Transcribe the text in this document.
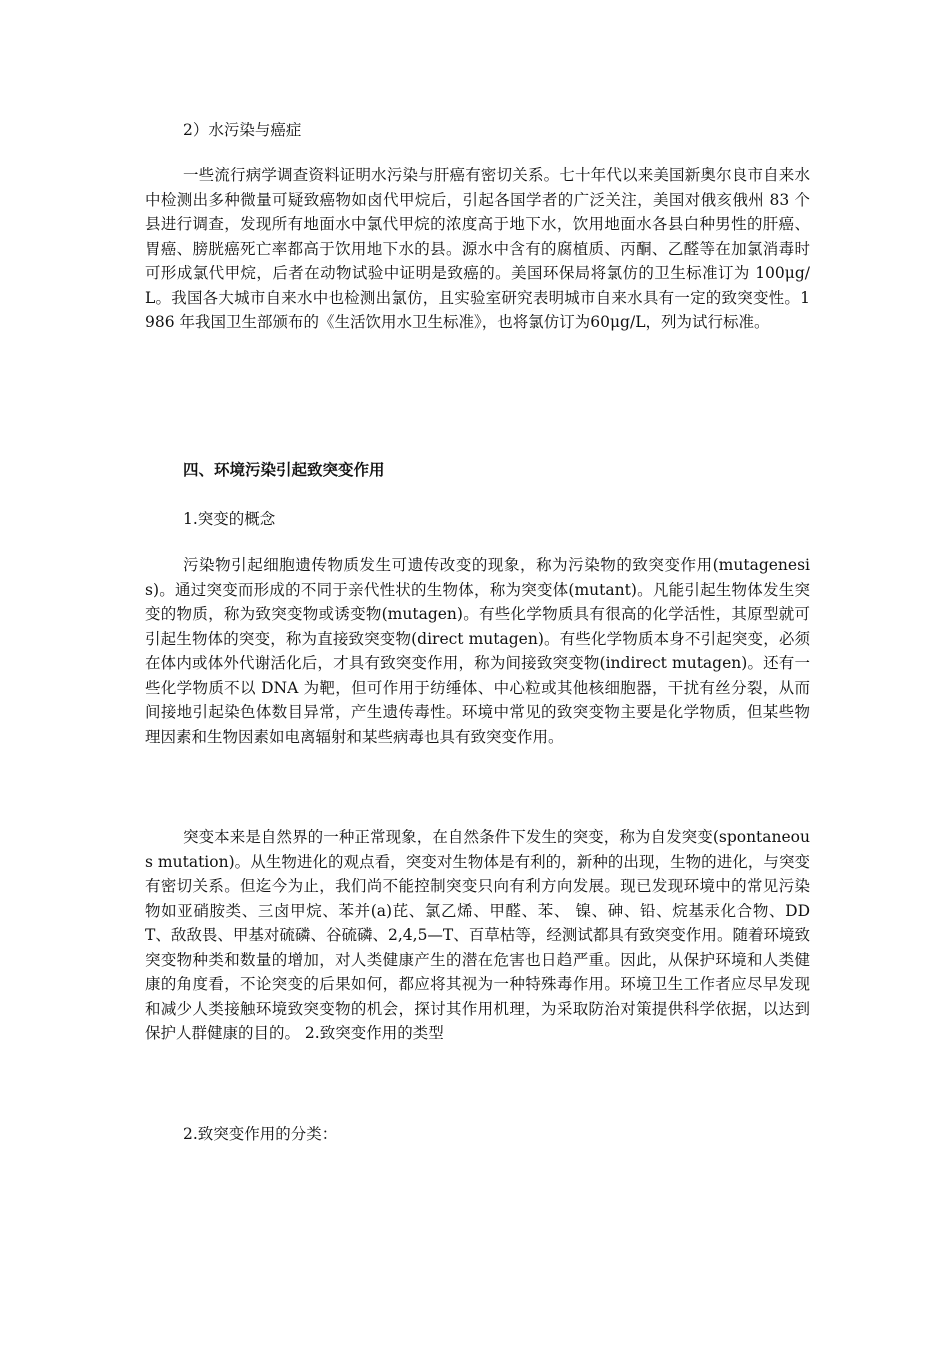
2）水污染与癌症

一些流行病学调查资料证明水污染与肝癌有密切关系。七十年代以来美国新奥尔良市自来水中检测出多种微量可疑致癌物如卤代甲烷后，引起各国学者的广泛关注，美国对俄亥俄州 83 个县进行调查，发现所有地面水中氯代甲烷的浓度高于地下水，饮用地面水各县白种男性的肝癌、胃癌、膀胱癌死亡率都高于饮用地下水的县。源水中含有的腐植质、丙酮、乙醛等在加氯消毒时可形成氯代甲烷，后者在动物试验中证明是致癌的。美国环保局将氯仿的卫生标准订为 100μg/L。我国各大城市自来水中也检测出氯仿，且实验室研究表明城市自来水具有一定的致突变性。1986 年我国卫生部颁布的《生活饮用水卫生标准》，也将氯仿订为60μg/L，列为试行标准。

四、环境污染引起致突变作用

1.突变的概念

污染物引起细胞遗传物质发生可遗传改变的现象，称为污染物的致突变作用(mutagenesis)。通过突变而形成的不同于亲代性状的生物体，称为突变体(mutant)。凡能引起生物体发生突变的物质，称为致突变物或诱变物(mutagen)。有些化学物质具有很高的化学活性，其原型就可引起生物体的突变，称为直接致突变物(direct mutagen)。有些化学物质本身不引起突变，必须在体内或体外代谢活化后，才具有致突变作用，称为间接致突变物(indirect mutagen)。还有一些化学物质不以 DNA 为靶，但可作用于纺缍体、中心粒或其他核细胞器，干扰有丝分裂，从而间接地引起染色体数目异常，产生遗传毒性。环境中常见的致突变物主要是化学物质，但某些物理因素和生物因素如电离辐射和某些病毒也具有致突变作用。

突变本来是自然界的一种正常现象，在自然条件下发生的突变，称为自发突变(spontaneous mutation)。从生物进化的观点看，突变对生物体是有利的，新种的出现，生物的进化，与突变有密切关系。但迄今为止，我们尚不能控制突变只向有利方向发展。现已发现环境中的常见污染物如亚硝胺类、三卤甲烷、苯并(a)芘、氯乙烯、甲醛、苯、 镍、砷、铅、烷基汞化合物、DDT、敌敌畏、甲基对硫磷、谷硫磷、2,4,5—T、百草枯等，经测试都具有致突变作用。随着环境致突变物种类和数量的增加，对人类健康产生的潜在危害也日趋严重。因此，从保护环境和人类健康的角度看，不论突变的后果如何，都应将其视为一种特殊毒作用。环境卫生工作者应尽早发现和减少人类接触环境致突变物的机会，探讨其作用机理，为采取防治对策提供科学依据，以达到保护人群健康的目的。 2.致突变作用的类型

2.致突变作用的分类：
